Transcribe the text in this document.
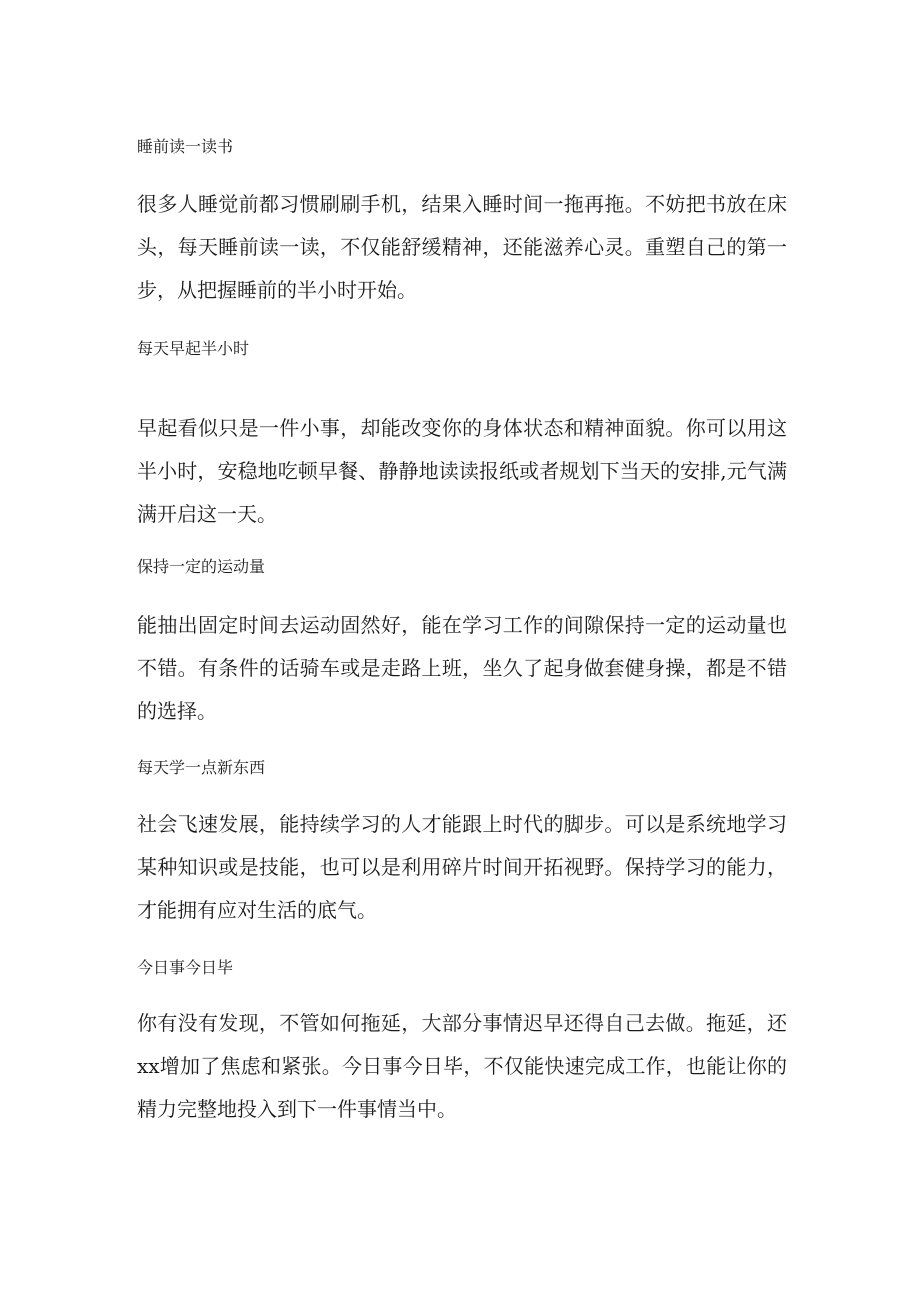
睡前读一读书

很多人睡觉前都习惯刷刷手机，结果入睡时间一拖再拖。不妨把书放在床头，每天睡前读一读，不仅能舒缓精神，还能滋养心灵。重塑自己的第一步，从把握睡前的半小时开始。

每天早起半小时

早起看似只是一件小事，却能改变你的身体状态和精神面貌。你可以用这半小时，安稳地吃顿早餐、静静地读读报纸或者规划下当天的安排,元气满满开启这一天。

保持一定的运动量

能抽出固定时间去运动固然好，能在学习工作的间隙保持一定的运动量也不错。有条件的话骑车或是走路上班，坐久了起身做套健身操，都是不错的选择。

每天学一点新东西

社会飞速发展，能持续学习的人才能跟上时代的脚步。可以是系统地学习某种知识或是技能，也可以是利用碎片时间开拓视野。保持学习的能力，才能拥有应对生活的底气。

今日事今日毕

你有没有发现，不管如何拖延，大部分事情迟早还得自己去做。拖延，还xx增加了焦虑和紧张。今日事今日毕，不仅能快速完成工作，也能让你的精力完整地投入到下一件事情当中。
